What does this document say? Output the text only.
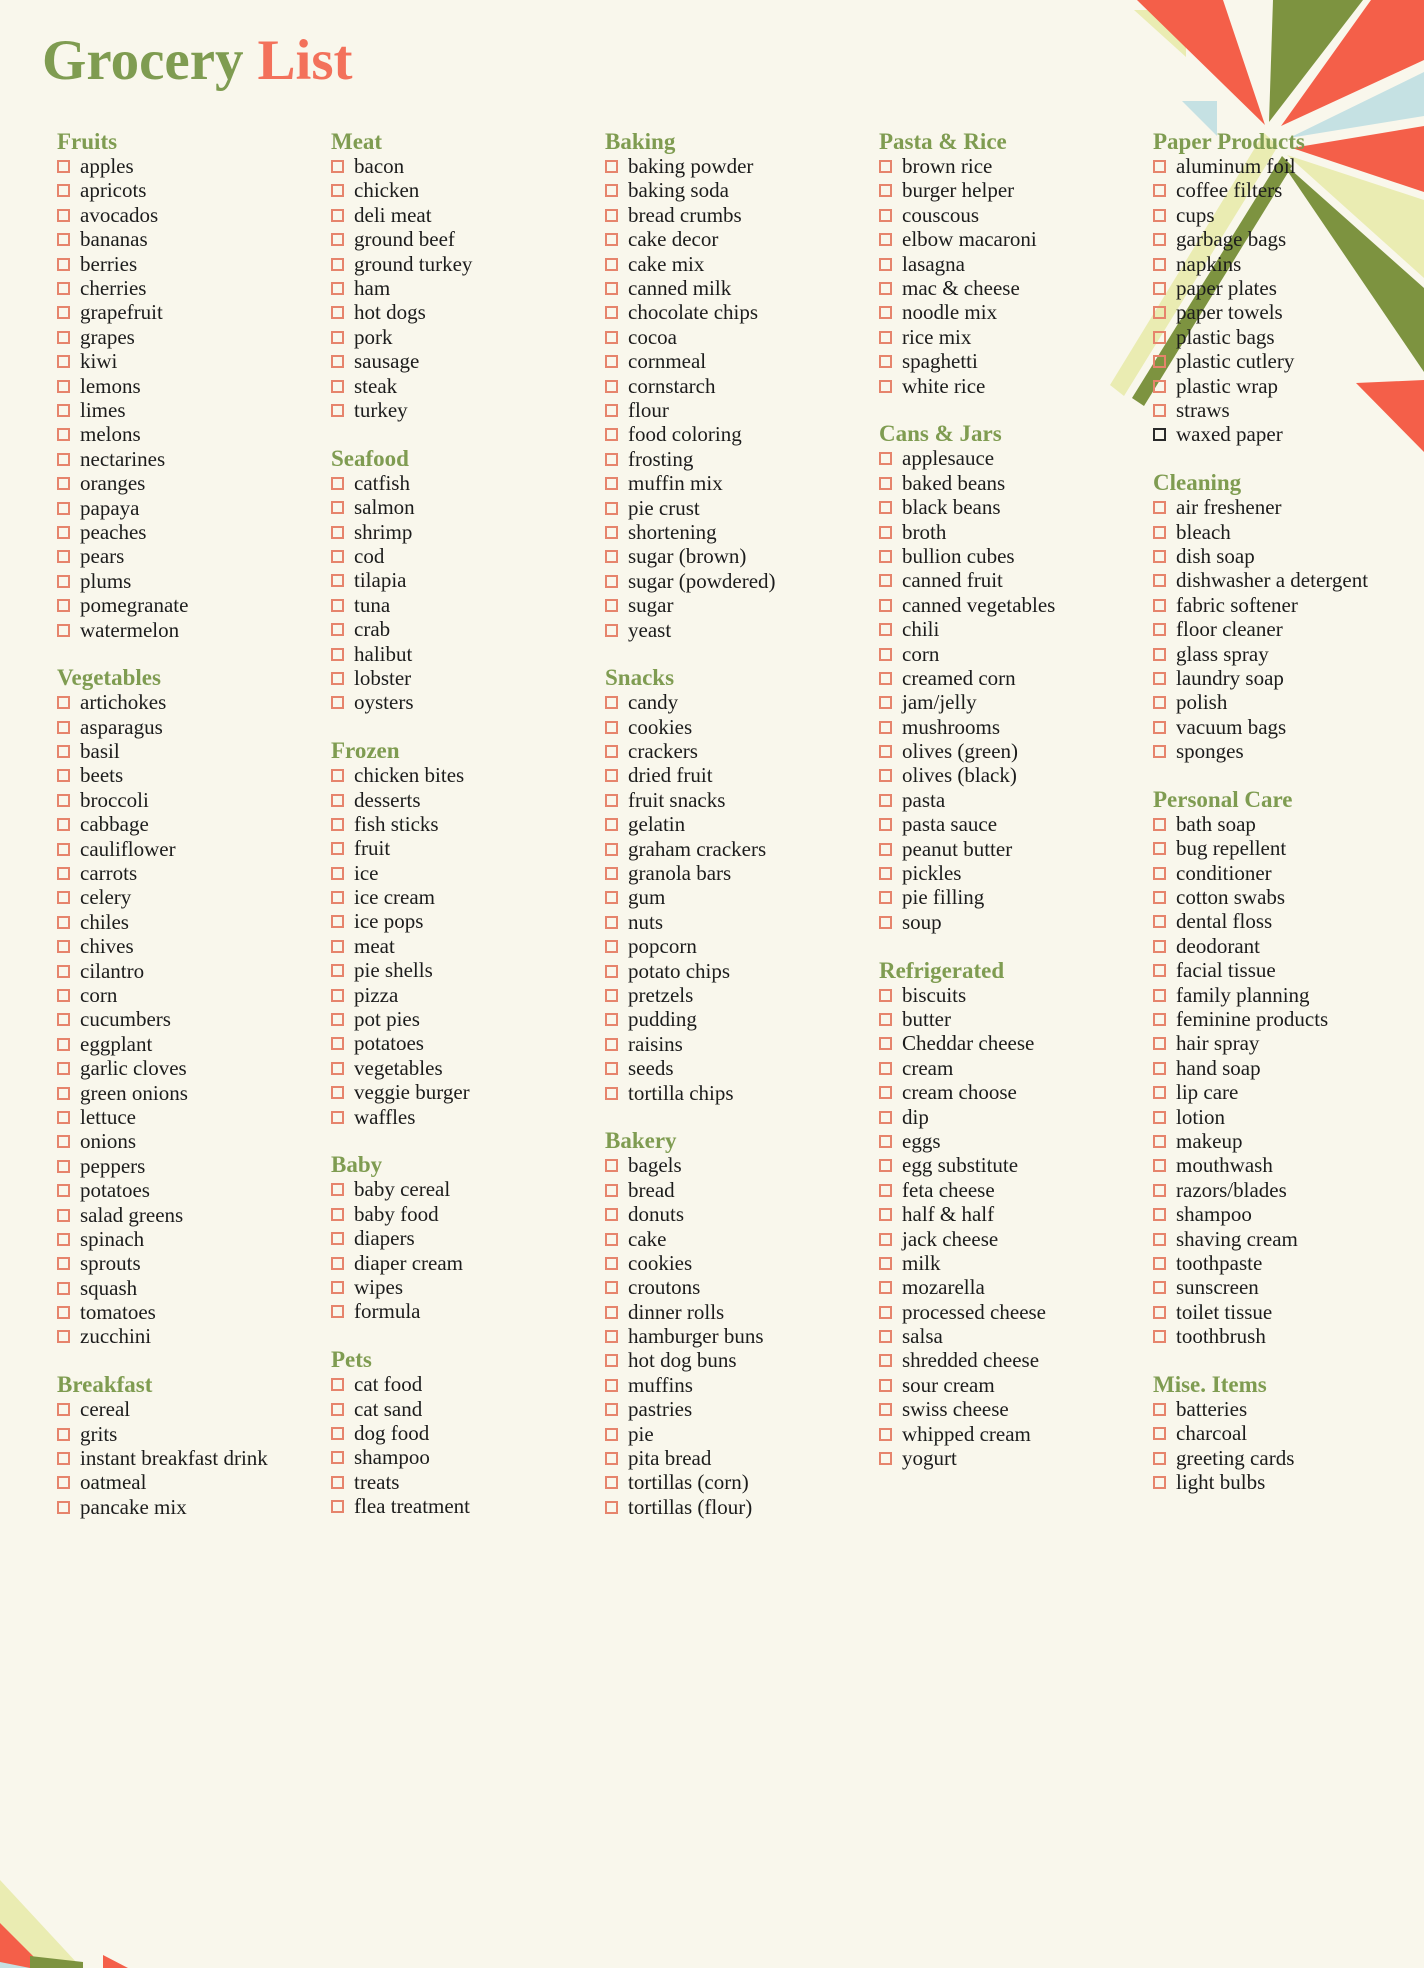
Grocery List
Fruits
apples
apricots
avocados
bananas
berries
cherries
grapefruit
grapes
kiwi
lemons
limes
melons
nectarines
oranges
papaya
peaches
pears
plums
pomegranate
watermelon
Vegetables
artichokes
asparagus
basil
beets
broccoli
cabbage
cauliflower
carrots
celery
chiles
chives
cilantro
corn
cucumbers
eggplant
garlic cloves
green onions
lettuce
onions
peppers
potatoes
salad greens
spinach
sprouts
squash
tomatoes
zucchini
Breakfast
cereal
grits
instant breakfast drink
oatmeal
pancake mix
Meat
bacon
chicken
deli meat
ground beef
ground turkey
ham
hot dogs
pork
sausage
steak
turkey
Seafood
catfish
salmon
shrimp
cod
tilapia
tuna
crab
halibut
lobster
oysters
Frozen
chicken bites
desserts
fish sticks
fruit
ice
ice cream
ice pops
meat
pie shells
pizza
pot pies
potatoes
vegetables
veggie burger
waffles
Baby
baby cereal
baby food
diapers
diaper cream
wipes
formula
Pets
cat food
cat sand
dog food
shampoo
treats
flea treatment
Baking
baking powder
baking soda
bread crumbs
cake decor
cake mix
canned milk
chocolate chips
cocoa
cornmeal
cornstarch
flour
food coloring
frosting
muffin mix
pie crust
shortening
sugar (brown)
sugar (powdered)
sugar
yeast
Snacks
candy
cookies
crackers
dried fruit
fruit snacks
gelatin
graham crackers
granola bars
gum
nuts
popcorn
potato chips
pretzels
pudding
raisins
seeds
tortilla chips
Bakery
bagels
bread
donuts
cake
cookies
croutons
dinner rolls
hamburger buns
hot dog buns
muffins
pastries
pie
pita bread
tortillas (corn)
tortillas (flour)
Pasta & Rice
brown rice
burger helper
couscous
elbow macaroni
lasagna
mac & cheese
noodle mix
rice mix
spaghetti
white rice
Cans & Jars
applesauce
baked beans
black beans
broth
bullion cubes
canned fruit
canned vegetables
chili
corn
creamed corn
jam/jelly
mushrooms
olives (green)
olives (black)
pasta
pasta sauce
peanut butter
pickles
pie filling
soup
Refrigerated
biscuits
butter
Cheddar cheese
cream
cream choose
dip
eggs
egg substitute
feta cheese
half & half
jack cheese
milk
mozarella
processed cheese
salsa
shredded cheese
sour cream
swiss cheese
whipped cream
yogurt
Paper Products
aluminum foil
coffee filters
cups
garbage bags
napkins
paper plates
paper towels
plastic bags
plastic cutlery
plastic wrap
straws
waxed paper
Cleaning
air freshener
bleach
dish soap
dishwasher a detergent
fabric softener
floor cleaner
glass spray
laundry soap
polish
vacuum bags
sponges
Personal Care
bath soap
bug repellent
conditioner
cotton swabs
dental floss
deodorant
facial tissue
family planning
feminine products
hair spray
hand soap
lip care
lotion
makeup
mouthwash
razors/blades
shampoo
shaving cream
toothpaste
sunscreen
toilet tissue
toothbrush
Mise. Items
batteries
charcoal
greeting cards
light bulbs
